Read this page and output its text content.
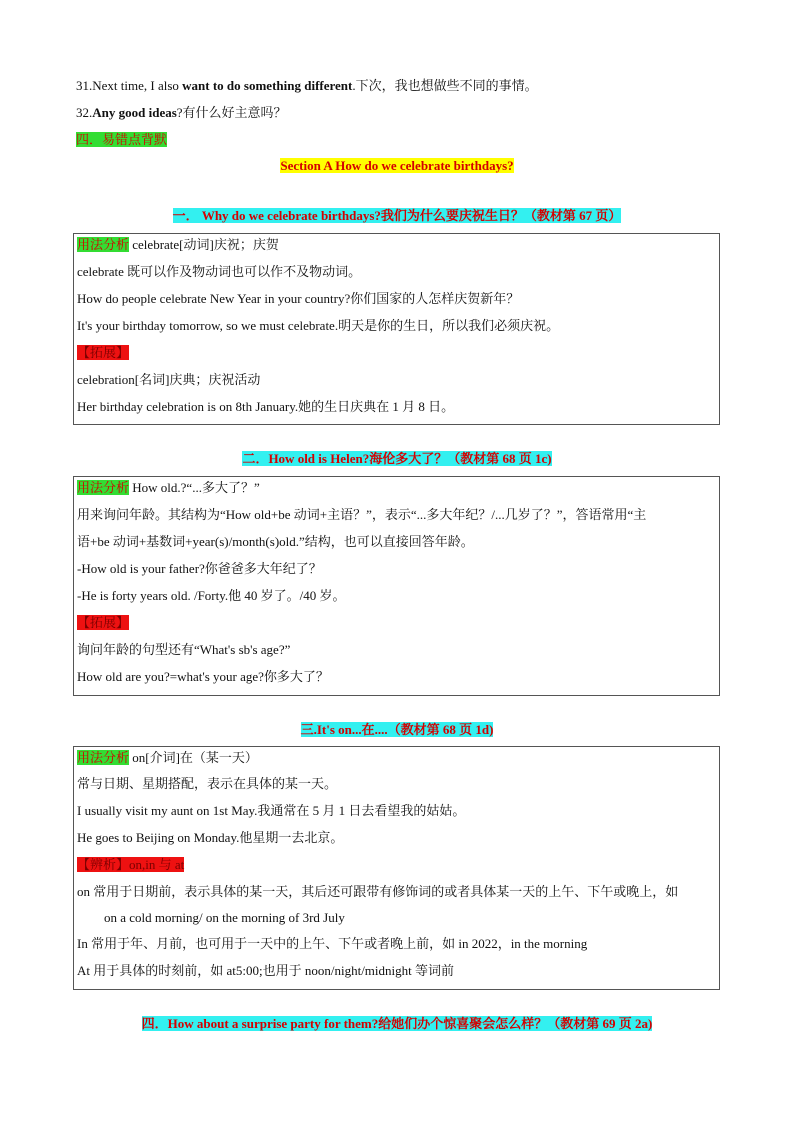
31.Next time, I also want to do something different.下次，我也想做些不同的事情。
32.Any good ideas?有什么好主意吗？
四．易错点背默
Section A How do we celebrate birthdays?
一． Why do we celebrate birthdays?我们为什么要庆祝生日？（教材第 67 页）
用法分析 celebrate[动词]庆祝；庆贺
celebrate 既可以作及物动词也可以作不及物动词。
How do people celebrate New Year in your country?你们国家的人怎样庆贺新年？
It's your birthday tomorrow, so we must celebrate.明天是你的生日，所以我们必须庆祝。
【拓展】
celebration[名词]庆典；庆祝活动
Her birthday celebration is on 8th January.她的生日庆典在 1 月 8 日。
二．How old is Helen?海伦多大了？（教材第 68 页 1c)
用法分析 How old.?“...多大了？”
用来询问年龄。其结构为“How old+be 动词+主语？”，表示“...多大年纪？/...几岁了？”，答语常用“主
语+be 动词+基数词+year(s)/month(s)old.”结构，也可以直接回答年龄。
-How old is your father?你爸爸多大年纪了？
-He is forty years old. /Forty.他 40 岁了。/40 岁。
【拓展】
询问年龄的句型还有“What's sb's age?”
How old are you?=what's your age?你多大了？
三.It's on...在....（教材第 68 页 1d)
用法分析 on[介词]在（某一天）
常与日期、星期搭配，表示在具体的某一天。
I usually visit my aunt on 1st May.我通常在 5 月 1 日去看望我的姑姑。
He goes to Beijing on Monday.他星期一去北京。
【辨析】on,in 与 at
on 常用于日期前，表示具体的某一天，其后还可跟带有修饰词的或者具体某一天的上午、下午或晚上，如
on a cold morning/ on the morning of 3rd July
In 常用于年、月前，也可用于一天中的上午、下午或者晚上前，如 in 2022，in the morning
At 用于具体的时刻前，如 at5:00;也用于 noon/night/midnight 等词前
四．How about a surprise party for them?给她们办个惊喜聚会怎么样？（教材第 69 页 2a)
